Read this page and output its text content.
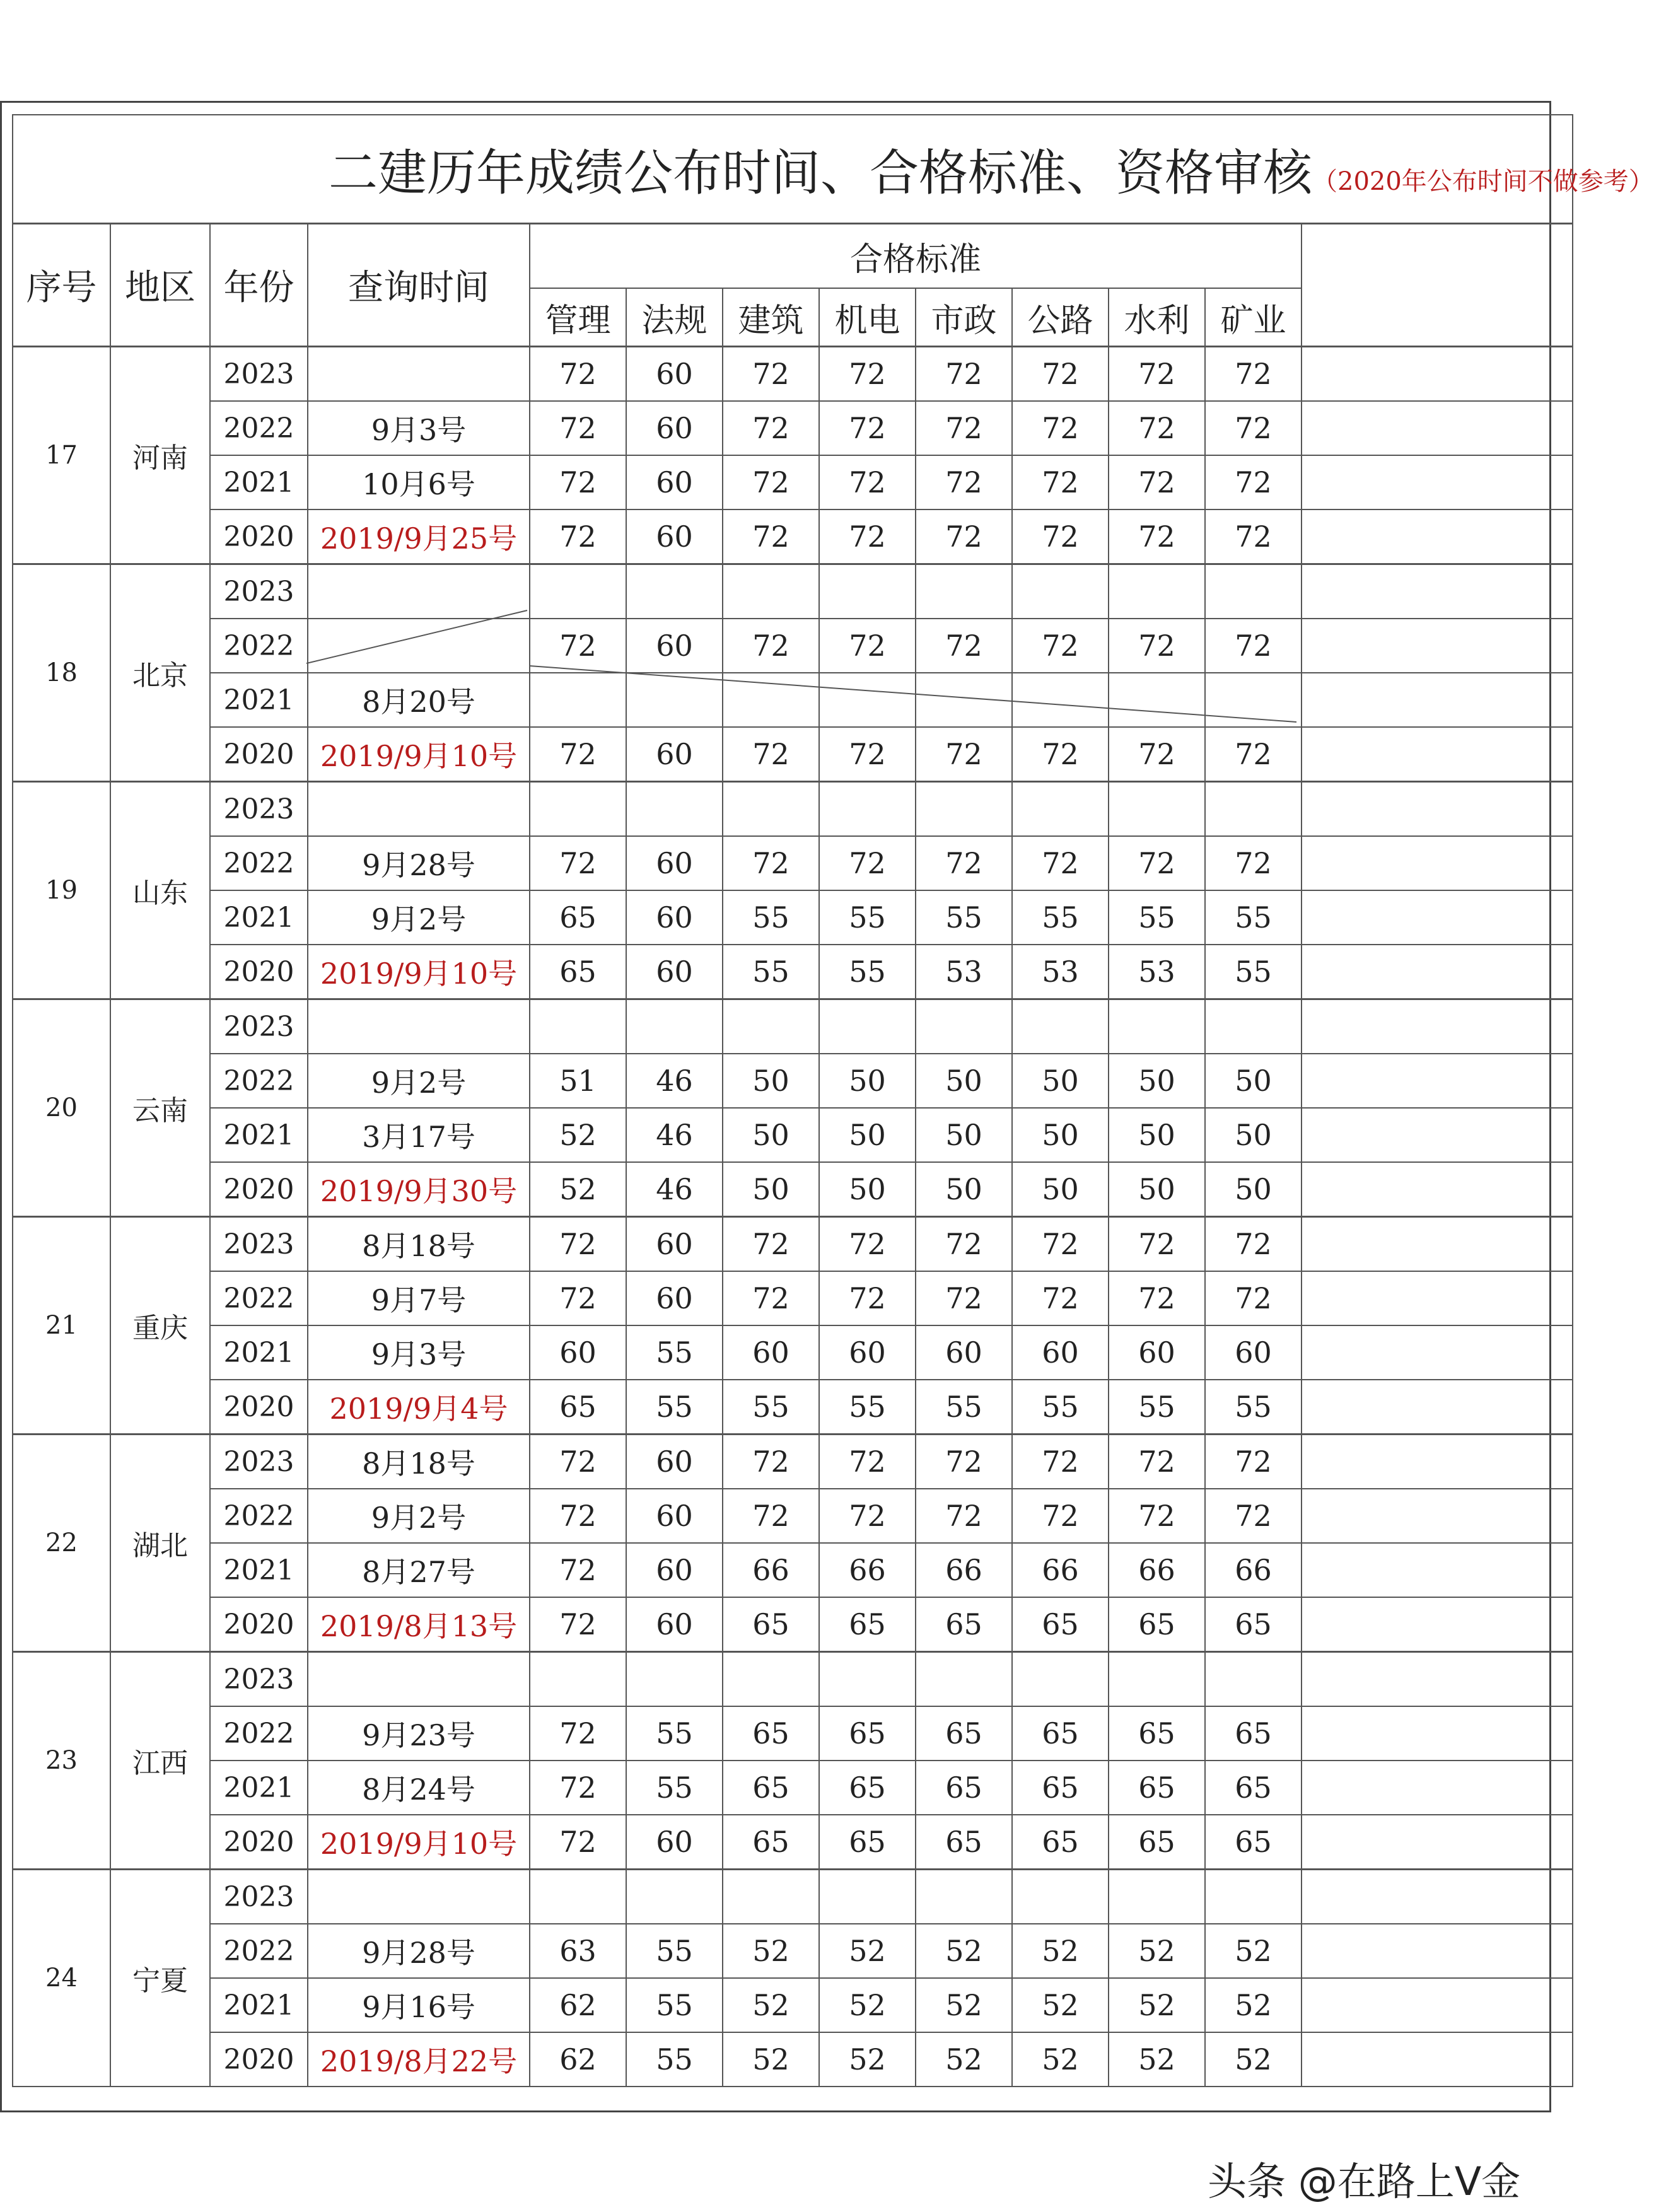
二建历年成绩公布时间、合格标准、资格审核（2020年公布时间不做参考）												
序号	地区	年份	查询时间	合格标准								
				管理	法规	建筑	机电	市政	公路	水利	矿业	
17	河南	2023		72	60	72	72	72	72	72	72	
		2022	9月3号	72	60	72	72	72	72	72	72	
		2021	10月6号	72	60	72	72	72	72	72	72	
		2020	2019/9月25号	72	60	72	72	72	72	72	72	
18	北京	2023										
		2022		72	60	72	72	72	72	72	72	
		2021	8月20号									
		2020	2019/9月10号	72	60	72	72	72	72	72	72	
19	山东	2023										
		2022	9月28号	72	60	72	72	72	72	72	72	
		2021	9月2号	65	60	55	55	55	55	55	55	
		2020	2019/9月10号	65	60	55	55	53	53	53	55	
20	云南	2023										
		2022	9月2号	51	46	50	50	50	50	50	50	
		2021	3月17号	52	46	50	50	50	50	50	50	
		2020	2019/9月30号	52	46	50	50	50	50	50	50	
21	重庆	2023	8月18号	72	60	72	72	72	72	72	72	
		2022	9月7号	72	60	72	72	72	72	72	72	
		2021	9月3号	60	55	60	60	60	60	60	60	
		2020	2019/9月4号	65	55	55	55	55	55	55	55	
22	湖北	2023	8月18号	72	60	72	72	72	72	72	72	
		2022	9月2号	72	60	72	72	72	72	72	72	
		2021	8月27号	72	60	66	66	66	66	66	66	
		2020	2019/8月13号	72	60	65	65	65	65	65	65	
23	江西	2023										
		2022	9月23号	72	55	65	65	65	65	65	65	
		2021	8月24号	72	55	65	65	65	65	65	65	
		2020	2019/9月10号	72	60	65	65	65	65	65	65	
24	宁夏	2023										
		2022	9月28号	63	55	52	52	52	52	52	52	
		2021	9月16号	62	55	52	52	52	52	52	52	
		2020	2019/8月22号	62	55	52	52	52	52	52	52	
头条 @在路上V金
